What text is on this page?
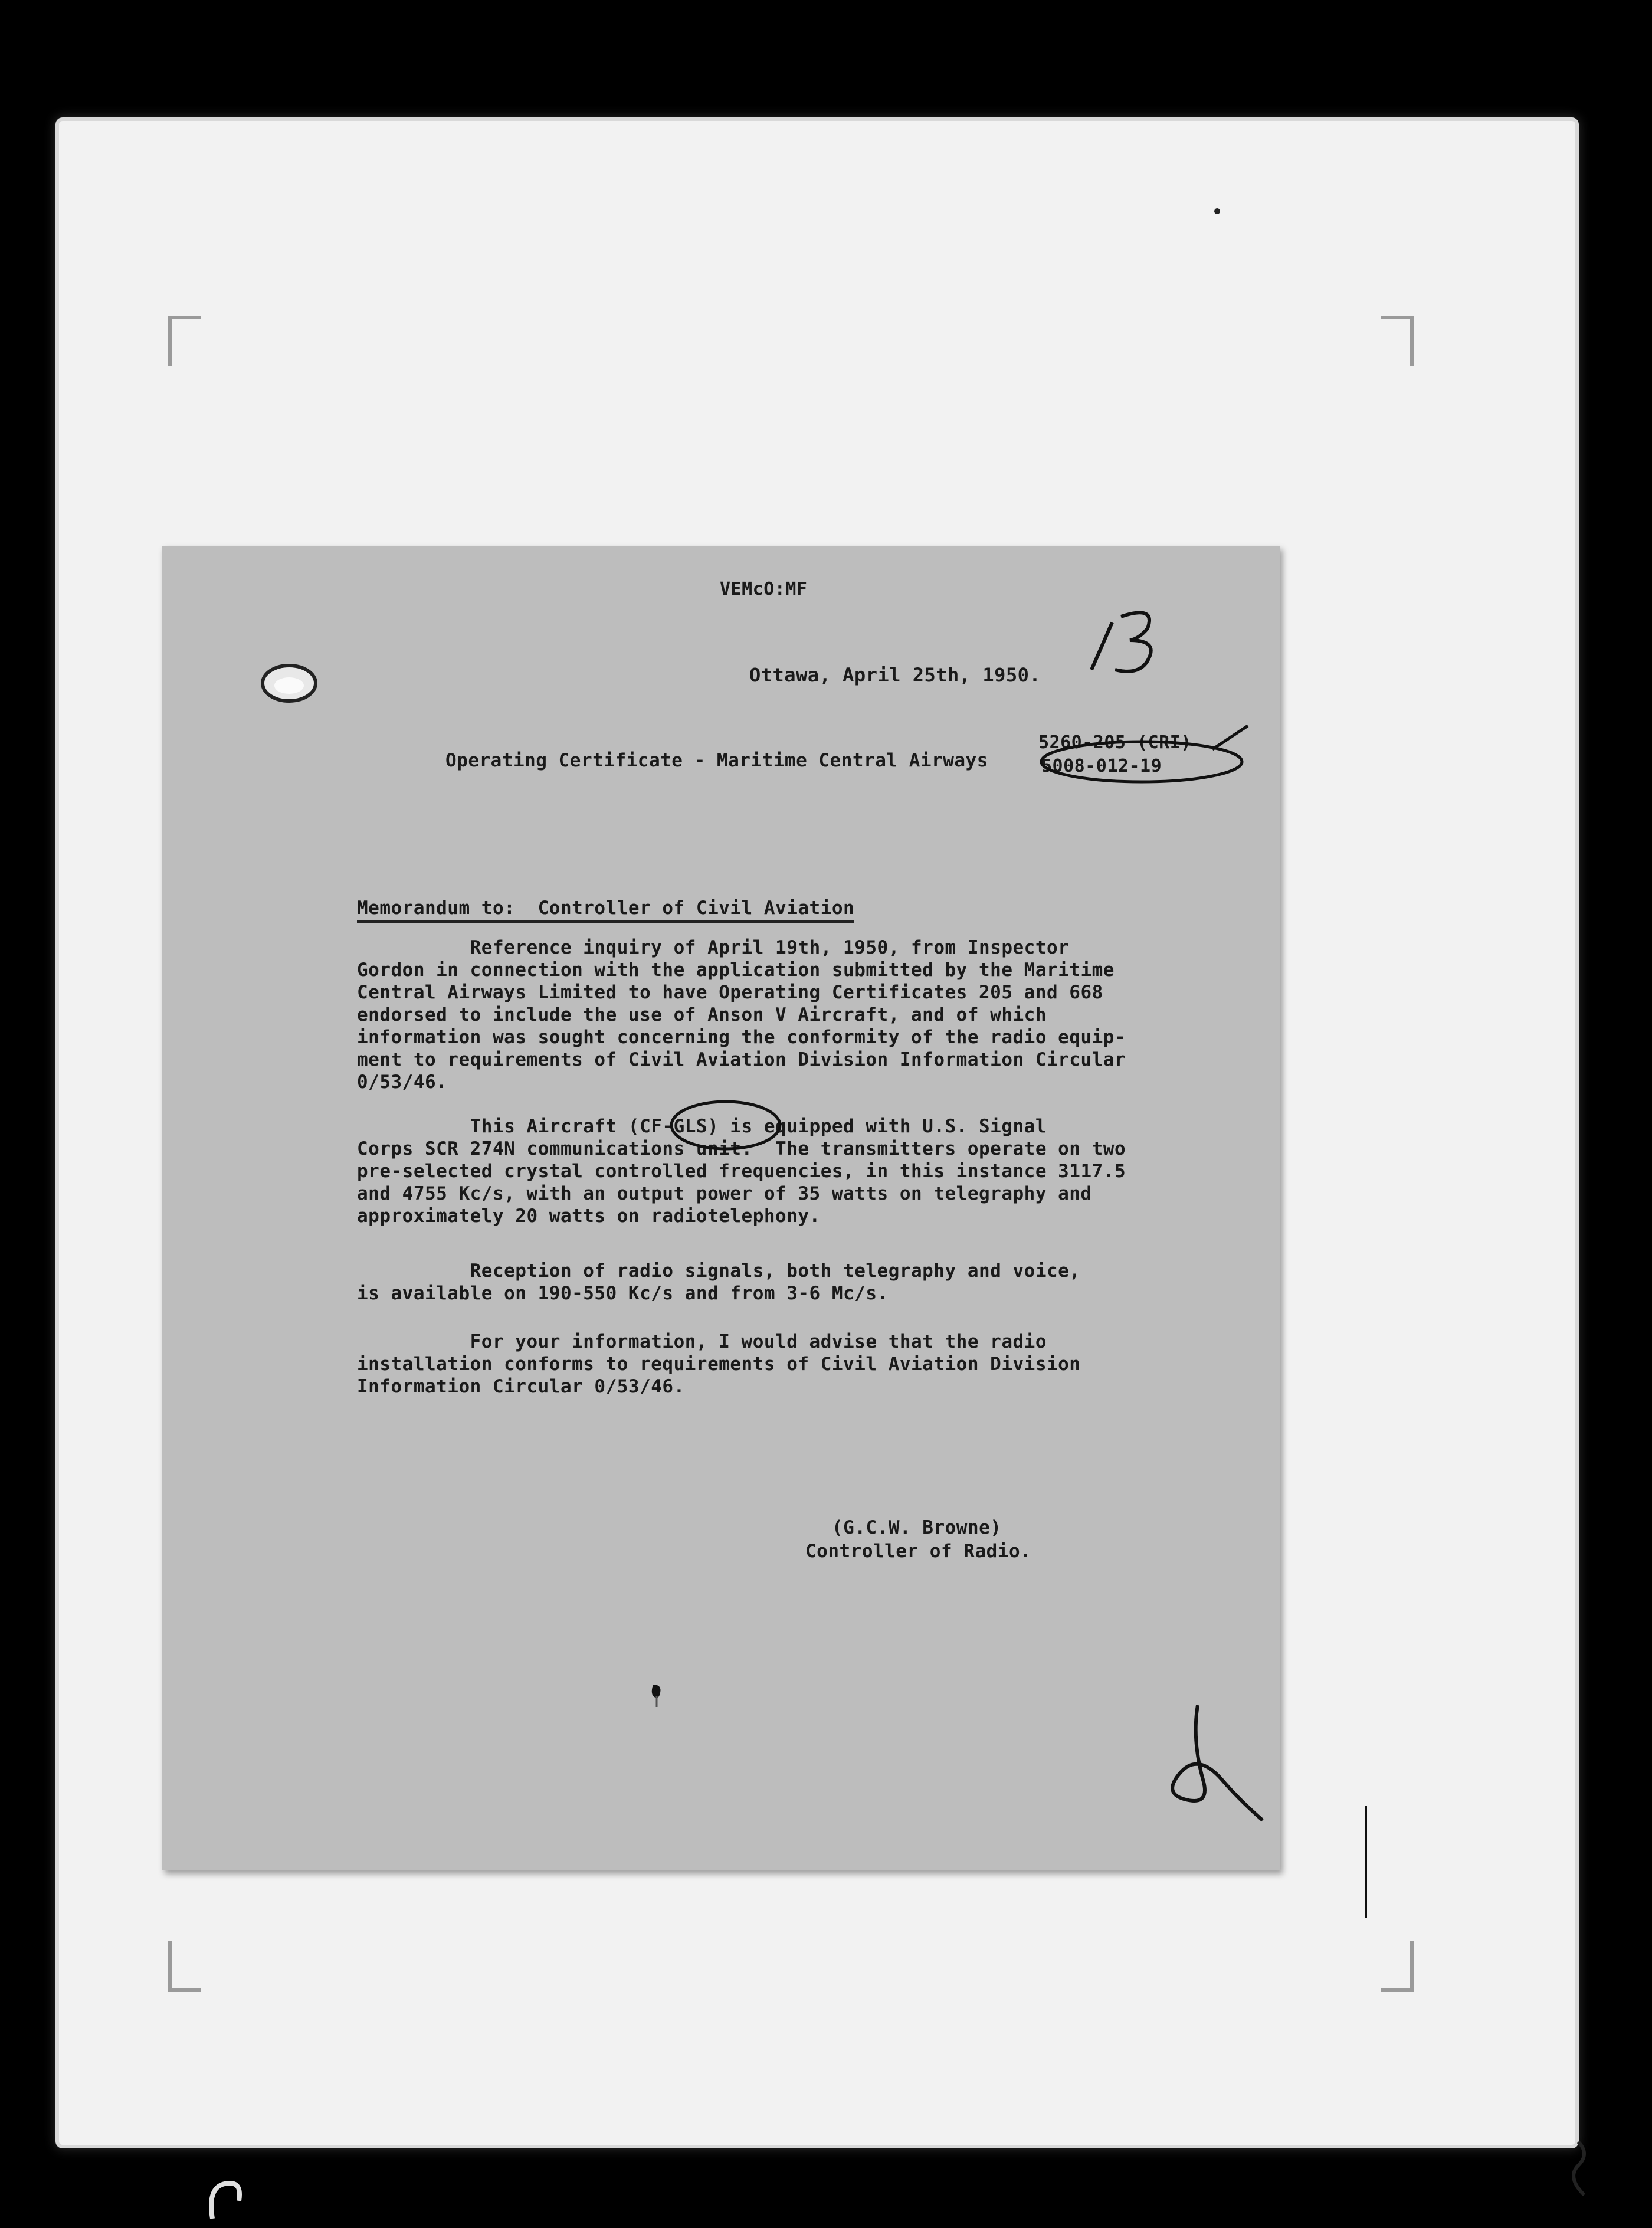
VEMcO:MF
Ottawa, April 25th, 1950.
Operating Certificate - Maritime Central Airways
5260-205 (CRI)
5008-012-19
Memorandum to:  Controller of Civil Aviation
Reference inquiry of April 19th, 1950, from Inspector
Gordon in connection with the application submitted by the Maritime
Central Airways Limited to have Operating Certificates 205 and 668
endorsed to include the use of Anson V Aircraft, and of which
information was sought concerning the conformity of the radio equip-
ment to requirements of Civil Aviation Division Information Circular
0/53/46.
This Aircraft (CF-GLS) is equipped with U.S. Signal
Corps SCR 274N communications unit.  The transmitters operate on two
pre-selected crystal controlled frequencies, in this instance 3117.5
and 4755 Kc/s, with an output power of 35 watts on telegraphy and
approximately 20 watts on radiotelephony.
Reception of radio signals, both telegraphy and voice,
is available on 190-550 Kc/s and from 3-6 Mc/s.
For your information, I would advise that the radio
installation conforms to requirements of Civil Aviation Division
Information Circular 0/53/46.
(G.C.W. Browne)
Controller of Radio.
